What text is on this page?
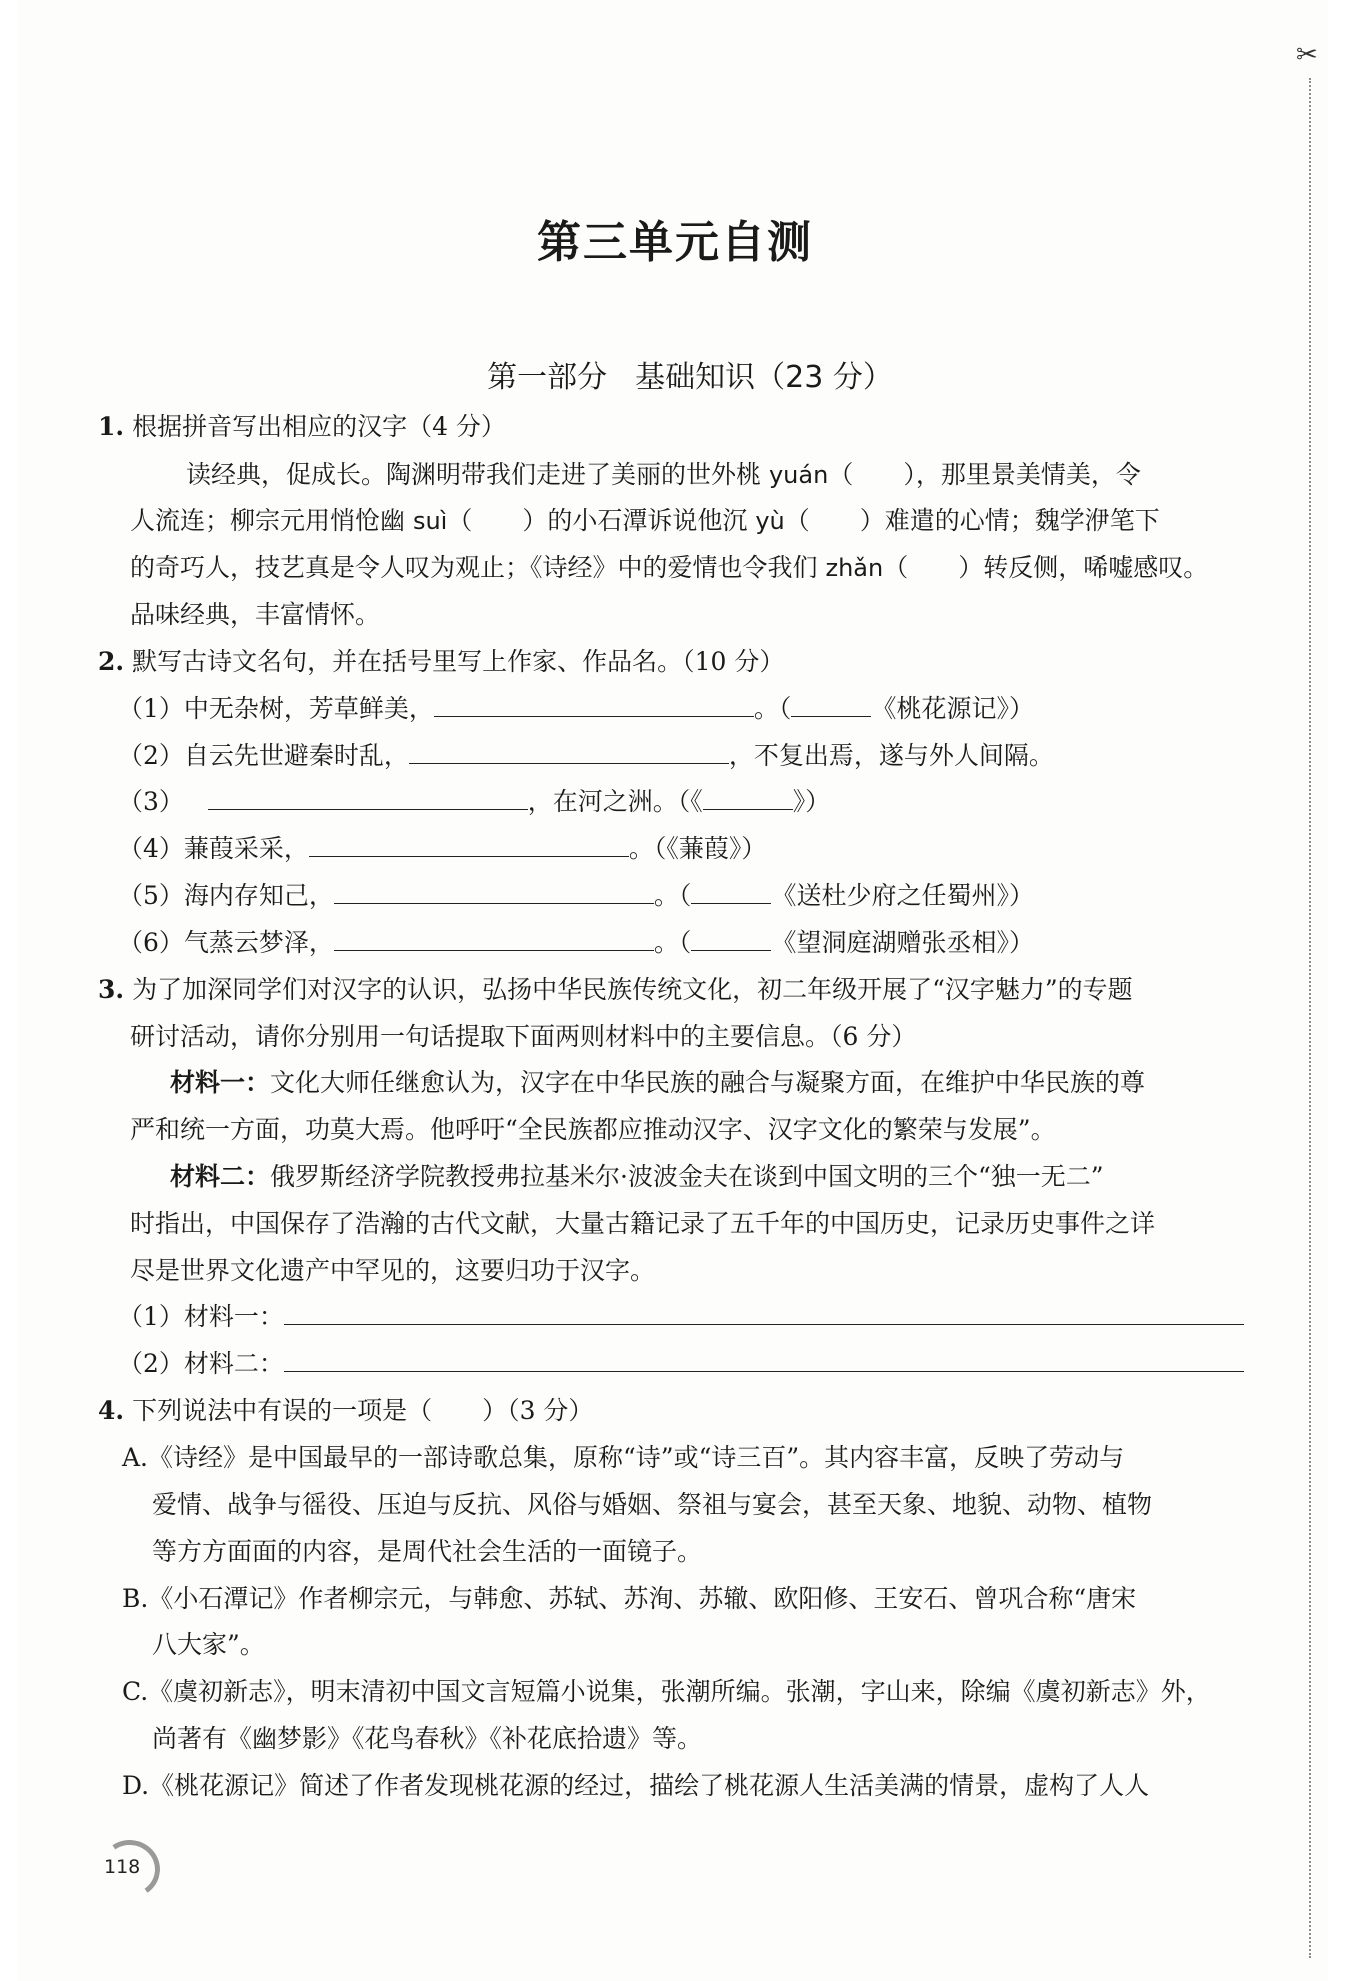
✂
第三单元自测
第一部分 基础知识（23 分）
1. 根据拼音写出相应的汉字（4 分）
读经典，促成长。陶渊明带我们走进了美丽的世外桃 yuán（　　），那里景美情美，令
人流连；柳宗元用悄怆幽 suì（　　）的小石潭诉说他沉 yù（　　）难遣的心情；魏学洢笔下
的奇巧人，技艺真是令人叹为观止；《诗经》中的爱情也令我们 zhǎn（　　）转反侧，唏嘘感叹。
品味经典，丰富情怀。
2. 默写古诗文名句，并在括号里写上作家、作品名。（10 分）
（1）中无杂树，芳草鲜美，	。（	《桃花源记》）
（2）自云先世避秦时乱，	，不复出焉，遂与外人间隔。
（3）	，在河之洲。（《	》）
（4）蒹葭采采，	。（《蒹葭》）
（5）海内存知己，	。（	《送杜少府之任蜀州》）
（6）气蒸云梦泽，	。（	《望洞庭湖赠张丞相》）
3. 为了加深同学们对汉字的认识，弘扬中华民族传统文化，初二年级开展了“汉字魅力”的专题
研讨活动，请你分别用一句话提取下面两则材料中的主要信息。（6 分）
材料一：文化大师任继愈认为，汉字在中华民族的融合与凝聚方面，在维护中华民族的尊
严和统一方面，功莫大焉。他呼吁“全民族都应推动汉字、汉字文化的繁荣与发展”。
材料二：俄罗斯经济学院教授弗拉基米尔·波波金夫在谈到中国文明的三个“独一无二”
时指出，中国保存了浩瀚的古代文献，大量古籍记录了五千年的中国历史，记录历史事件之详
尽是世界文化遗产中罕见的，这要归功于汉字。
（1）材料一：
（2）材料二：
4. 下列说法中有误的一项是（　　）（3 分）
A.《诗经》是中国最早的一部诗歌总集，原称“诗”或“诗三百”。其内容丰富，反映了劳动与
爱情、战争与徭役、压迫与反抗、风俗与婚姻、祭祖与宴会，甚至天象、地貌、动物、植物
等方方面面的内容，是周代社会生活的一面镜子。
B.《小石潭记》作者柳宗元，与韩愈、苏轼、苏洵、苏辙、欧阳修、王安石、曾巩合称“唐宋
八大家”。
C.《虞初新志》，明末清初中国文言短篇小说集，张潮所编。张潮，字山来，除编《虞初新志》外，
尚著有《幽梦影》《花鸟春秋》《补花底拾遗》等。
D.《桃花源记》简述了作者发现桃花源的经过，描绘了桃花源人生活美满的情景，虚构了人人
118
